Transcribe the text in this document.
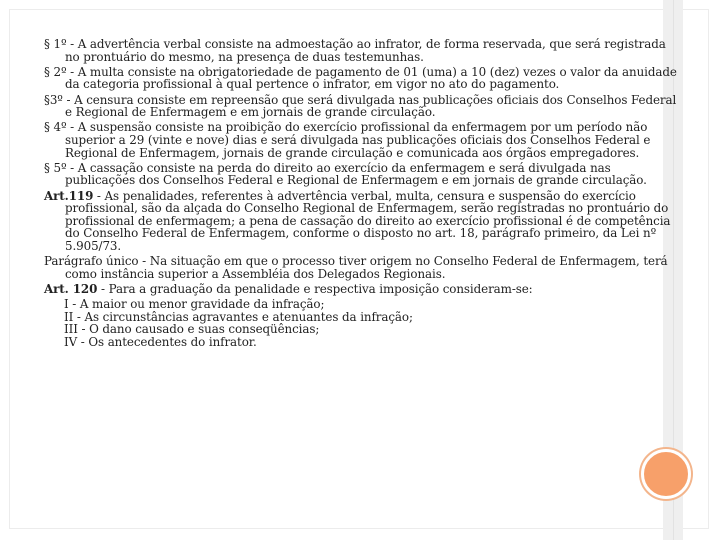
§ 1º - A advertência verbal consiste na admoestação ao infrator, de forma reservada, que será registrada no prontuário do mesmo, na presença de duas testemunhas.

§ 2º - A multa consiste na obrigatoriedade de pagamento de 01 (uma) a 10 (dez) vezes o valor da anuidade da categoria profissional à qual pertence o infrator, em vigor no ato do pagamento.

§3º - A censura consiste em repreensão que será divulgada nas publicações oficiais dos Conselhos Federal e Regional de Enfermagem e em jornais de grande circulação.

§ 4º - A suspensão consiste na proibição do exercício profissional da enfermagem por um período não superior a 29 (vinte e nove) dias e será divulgada nas publicações oficiais dos Conselhos Federal e Regional de Enfermagem, jornais de grande circulação e comunicada aos órgãos empregadores.

§ 5º - A cassação consiste na perda do direito ao exercício da enfermagem e será divulgada nas publicações dos Conselhos Federal e Regional de Enfermagem e em jornais de grande circulação.

Art.119 - As penalidades, referentes à advertência verbal, multa, censura e suspensão do exercício profissional, são da alçada do Conselho Regional de Enfermagem, serão registradas no prontuário do profissional de enfermagem; a pena de cassação do direito ao exercício profissional é de competência do Conselho Federal de Enfermagem, conforme o disposto no art. 18, parágrafo primeiro, da Lei nº 5.905/73.

Parágrafo único - Na situação em que o processo tiver origem no Conselho Federal de Enfermagem, terá como instância superior a Assembléia dos Delegados Regionais.

Art. 120 - Para a graduação da penalidade e respectiva imposição consideram-se:

I - A maior ou menor gravidade da infração;
II - As circunstâncias agravantes e atenuantes da infração;
III - O dano causado e suas conseqüências;
IV - Os antecedentes do infrator.
